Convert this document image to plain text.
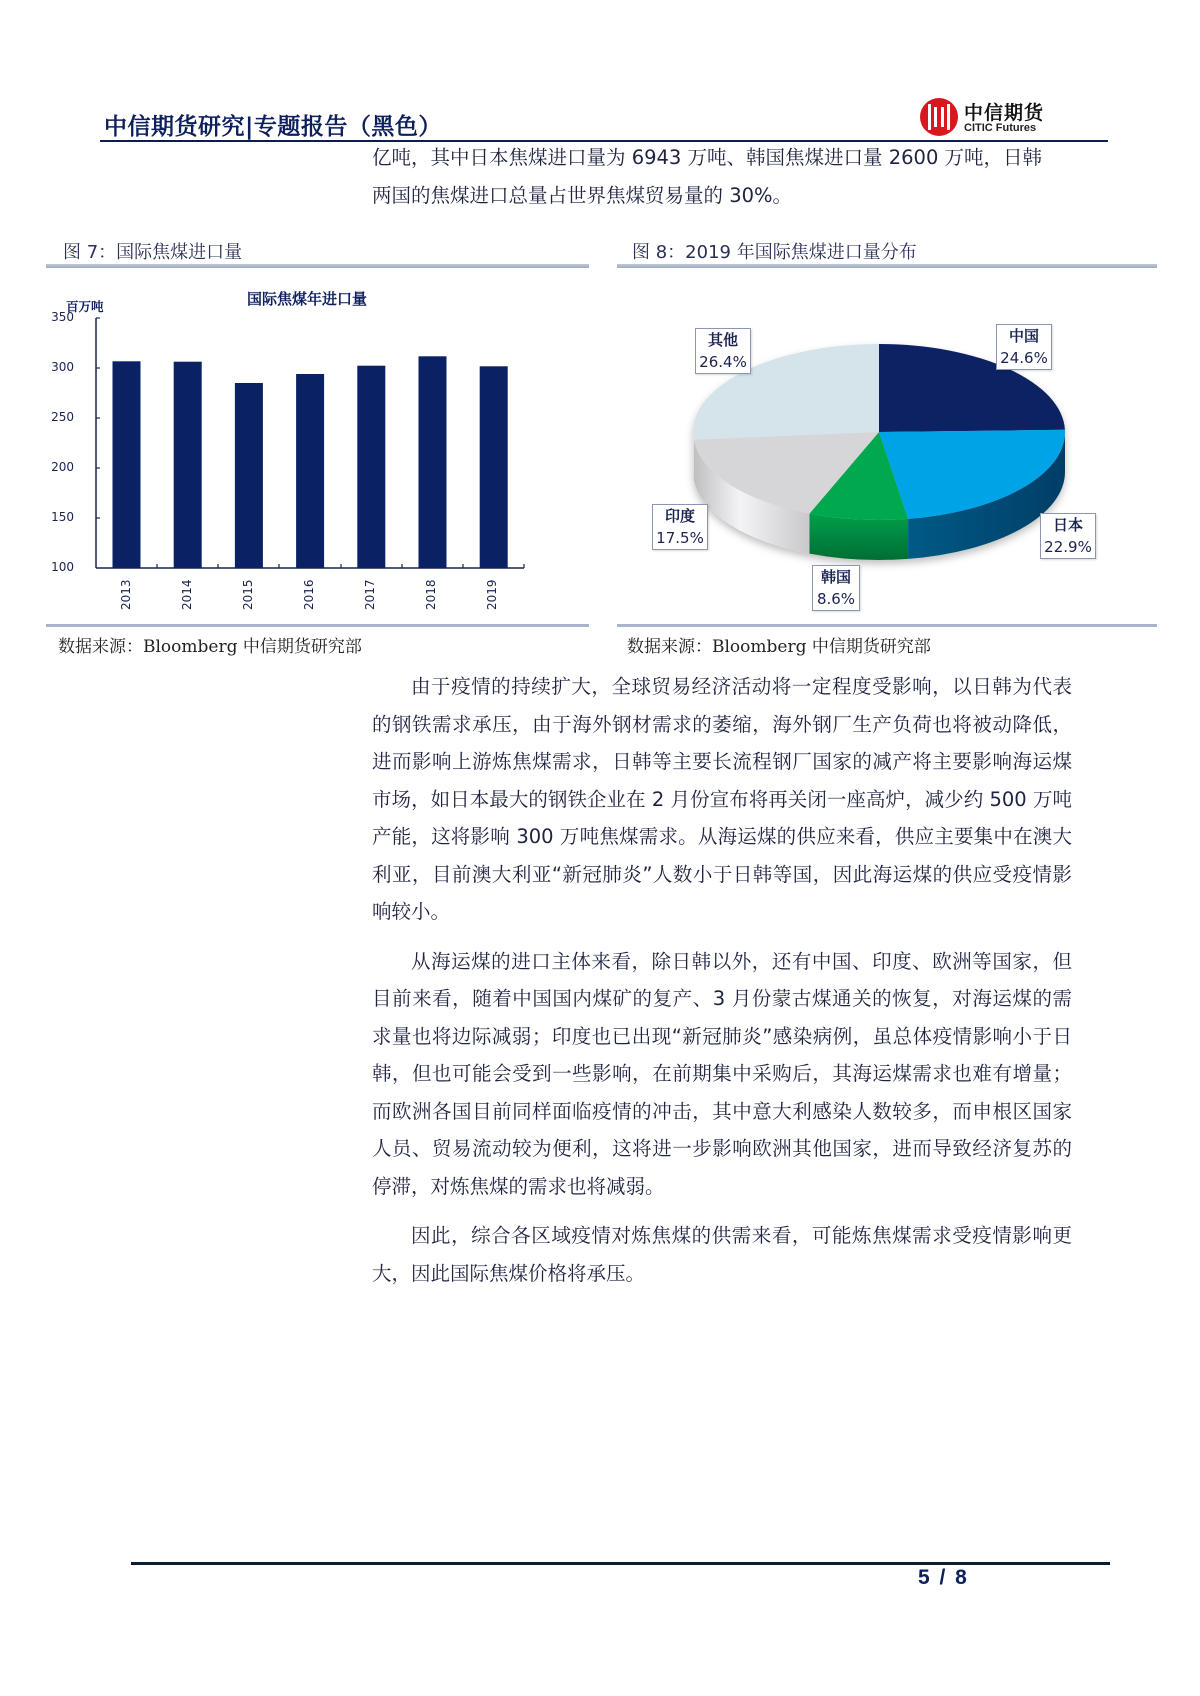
中信期货研究|专题报告（黑色）
中信期货
CITIC Futures

亿吨，其中日本焦煤进口量为 6943 万吨、韩国焦煤进口量 2600 万吨，日韩

两国的焦煤进口总量占世界焦煤贸易量的 30%。

图 7：国际焦煤进口量
百万吨	国际焦煤年进口量
350
300
250
200
150
100
2013	2014	2015	2016	2017	2018	2019
数据来源：Bloomberg 中信期货研究部
图 8：2019 年国际焦煤进口量分布
其他
26.4%
中国
24.6%
日本
22.9%
印度
17.5%
韩国
8.6%
数据来源：Bloomberg 中信期货研究部

由于疫情的持续扩大，全球贸易经济活动将一定程度受影响，以日韩为代表的钢铁需求承压，由于海外钢材需求的萎缩，海外钢厂生产负荷也将被动降低，进而影响上游炼焦煤需求，日韩等主要长流程钢厂国家的减产将主要影响海运煤市场，如日本最大的钢铁企业在 2 月份宣布将再关闭一座高炉，减少约 500 万吨产能，这将影响 300 万吨焦煤需求。从海运煤的供应来看，供应主要集中在澳大利亚，目前澳大利亚“新冠肺炎”人数小于日韩等国，因此海运煤的供应受疫情影响较小。

从海运煤的进口主体来看，除日韩以外，还有中国、印度、欧洲等国家，但目前来看，随着中国国内煤矿的复产、3 月份蒙古煤通关的恢复，对海运煤的需求量也将边际减弱；印度也已出现“新冠肺炎”感染病例，虽总体疫情影响小于日韩，但也可能会受到一些影响，在前期集中采购后，其海运煤需求也难有增量；而欧洲各国目前同样面临疫情的冲击，其中意大利感染人数较多，而申根区国家人员、贸易流动较为便利，这将进一步影响欧洲其他国家，进而导致经济复苏的停滞，对炼焦煤的需求也将减弱。

因此，综合各区域疫情对炼焦煤的供需来看，可能炼焦煤需求受疫情影响更大，因此国际焦煤价格将承压。

5 / 8
